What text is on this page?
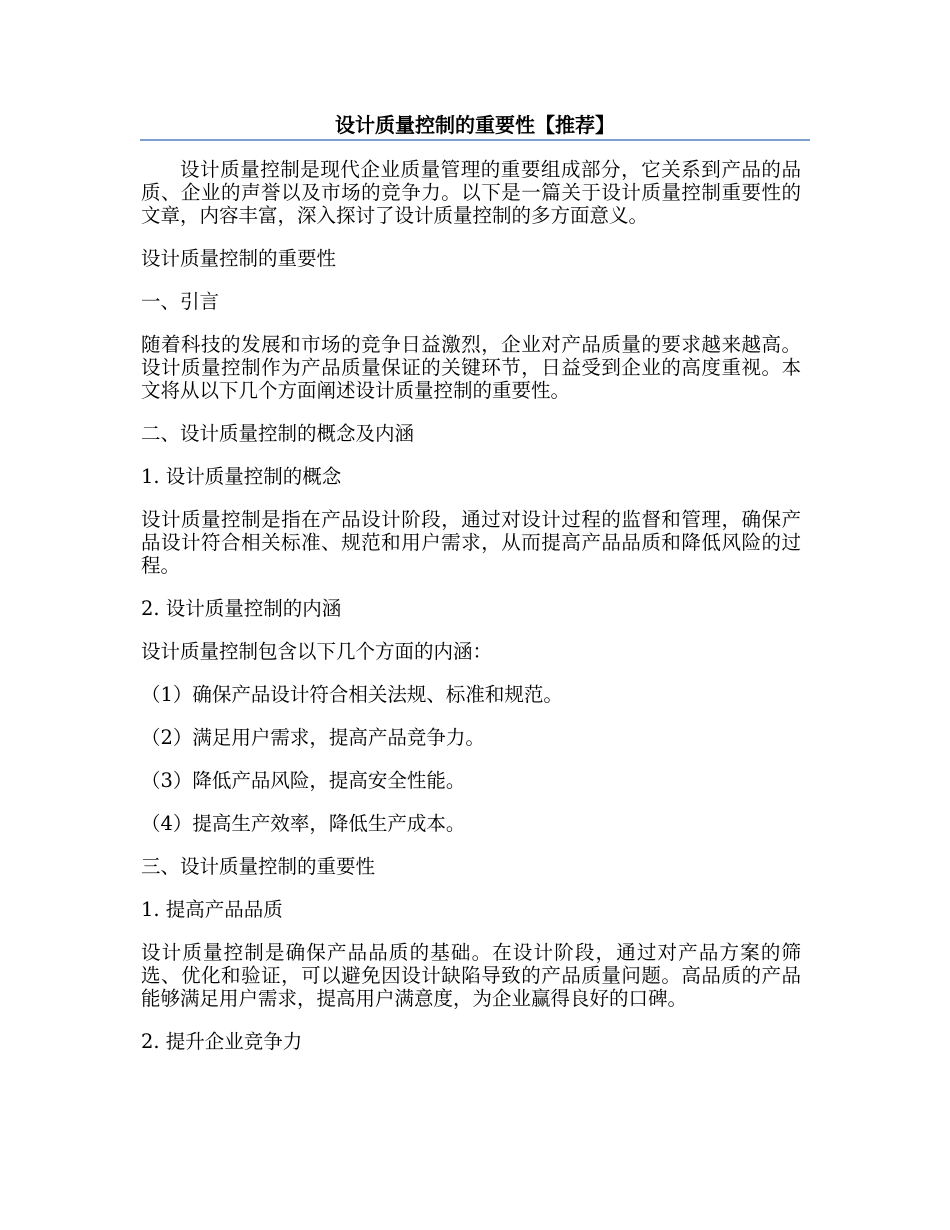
设计质量控制的重要性【推荐】

设计质量控制是现代企业质量管理的重要组成部分，它关系到产品的品质、企业的声誉以及市场的竞争力。以下是一篇关于设计质量控制重要性的文章，内容丰富，深入探讨了设计质量控制的多方面意义。

设计质量控制的重要性

一、引言

随着科技的发展和市场的竞争日益激烈，企业对产品质量的要求越来越高。设计质量控制作为产品质量保证的关键环节，日益受到企业的高度重视。本文将从以下几个方面阐述设计质量控制的重要性。

二、设计质量控制的概念及内涵

1. 设计质量控制的概念

设计质量控制是指在产品设计阶段，通过对设计过程的监督和管理，确保产品设计符合相关标准、规范和用户需求，从而提高产品品质和降低风险的过程。

2. 设计质量控制的内涵

设计质量控制包含以下几个方面的内涵：

（1）确保产品设计符合相关法规、标准和规范。

（2）满足用户需求，提高产品竞争力。

（3）降低产品风险，提高安全性能。

（4）提高生产效率，降低生产成本。

三、设计质量控制的重要性

1. 提高产品品质

设计质量控制是确保产品品质的基础。在设计阶段，通过对产品方案的筛选、优化和验证，可以避免因设计缺陷导致的产品质量问题。高品质的产品能够满足用户需求，提高用户满意度，为企业赢得良好的口碑。

2. 提升企业竞争力
